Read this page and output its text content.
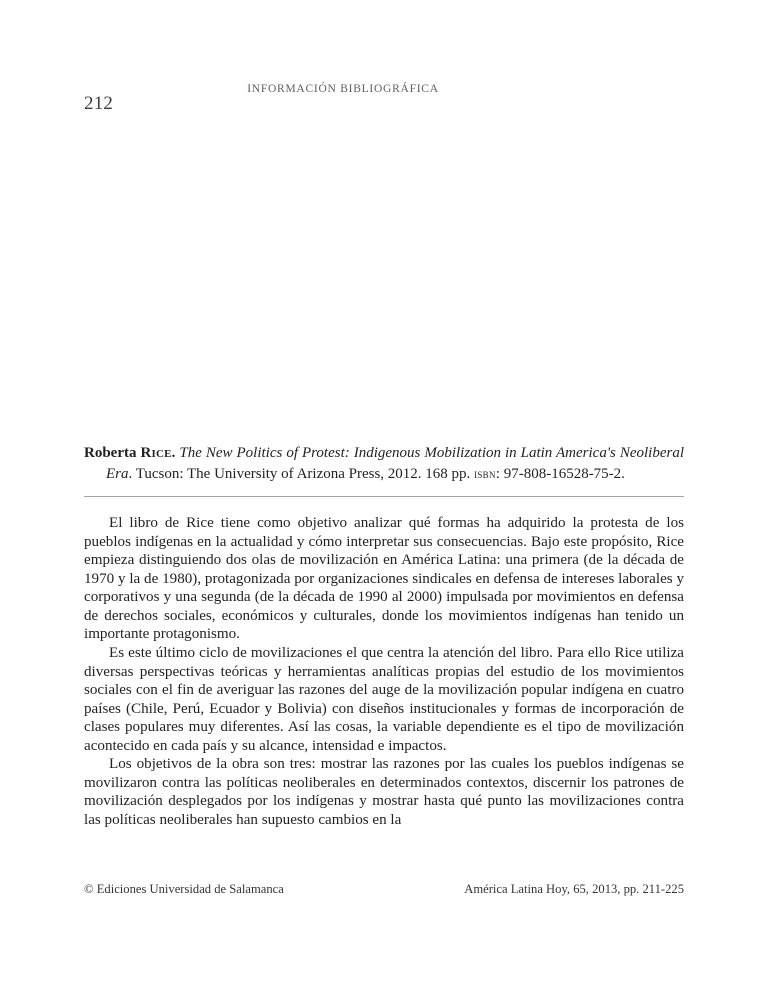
212
INFORMACIÓN BIBLIOGRÁFICA
Roberta Rice. The New Politics of Protest: Indigenous Mobilization in Latin America's Neoliberal Era. Tucson: The University of Arizona Press, 2012. 168 pp. isbn: 97-808-16528-75-2.

El libro de Rice tiene como objetivo analizar qué formas ha adquirido la protesta de los pueblos indígenas en la actualidad y cómo interpretar sus consecuencias. Bajo este propósito, Rice empieza distinguiendo dos olas de movilización en América Latina: una primera (de la década de 1970 y la de 1980), protagonizada por organizaciones sindicales en defensa de intereses laborales y corporativos y una segunda (de la década de 1990 al 2000) impulsada por movimientos en defensa de derechos sociales, económicos y culturales, donde los movimientos indígenas han tenido un importante protagonismo.

Es este último ciclo de movilizaciones el que centra la atención del libro. Para ello Rice utiliza diversas perspectivas teóricas y herramientas analíticas propias del estudio de los movimientos sociales con el fin de averiguar las razones del auge de la movilización popular indígena en cuatro países (Chile, Perú, Ecuador y Bolivia) con diseños institucionales y formas de incorporación de clases populares muy diferentes. Así las cosas, la variable dependiente es el tipo de movilización acontecido en cada país y su alcance, intensidad e impactos.

Los objetivos de la obra son tres: mostrar las razones por las cuales los pueblos indígenas se movilizaron contra las políticas neoliberales en determinados contextos, discernir los patrones de movilización desplegados por los indígenas y mostrar hasta qué punto las movilizaciones contra las políticas neoliberales han supuesto cambios en la

© Ediciones Universidad de Salamanca	América Latina Hoy, 65, 2013, pp. 211-225
